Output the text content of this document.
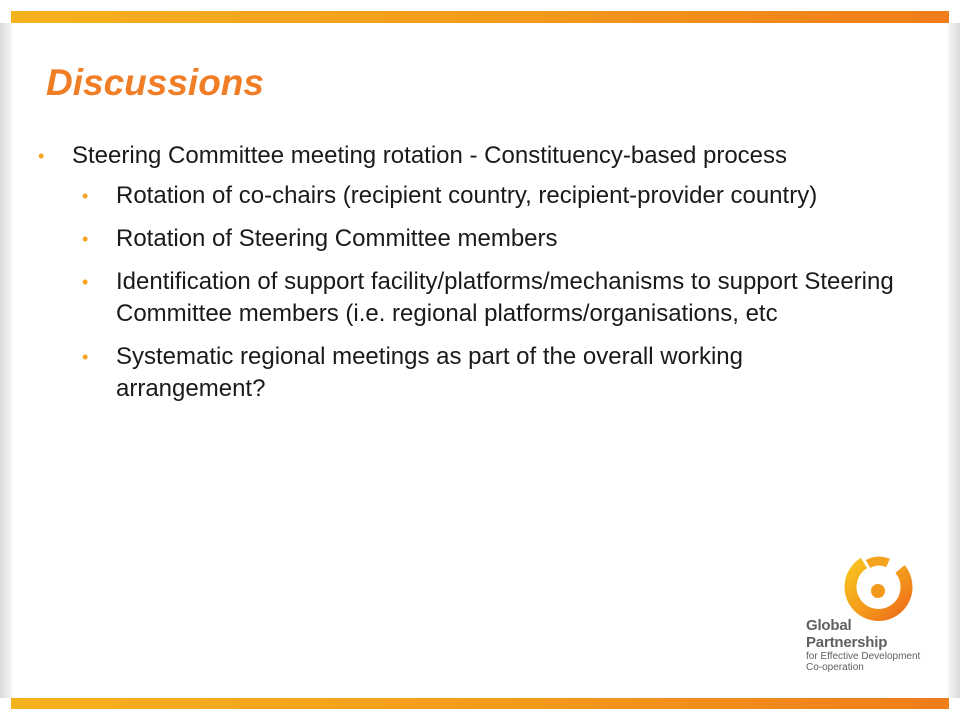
Discussions
•	Steering Committee meeting rotation - Constituency-based process
•	Rotation of co-chairs (recipient country, recipient-provider country)
•	Rotation of Steering Committee members
•	Identification of support facility/platforms/mechanisms to support Steering Committee members (i.e. regional platforms/organisations, etc
•	Systematic regional meetings as part of the overall working arrangement?
Global
Partnership
for Effective Development
Co-operation
